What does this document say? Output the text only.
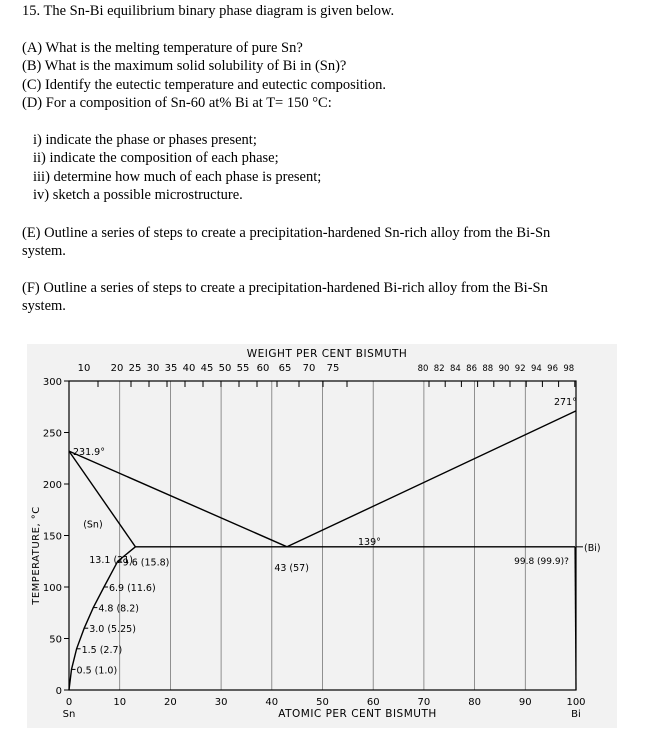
15. The Sn-Bi equilibrium binary phase diagram is given below.
(A) What is the melting temperature of pure Sn?
(B) What is the maximum solid solubility of Bi in (Sn)?
(C) Identify the eutectic temperature and eutectic composition.
(D) For a composition of Sn-60 at% Bi at T= 150 °C:
i) indicate the phase or phases present;
ii) indicate the composition of each phase;
iii) determine how much of each phase is present;
iv) sketch a possible microstructure.
(E) Outline a series of steps to create a precipitation-hardened Sn-rich alloy from the Bi-Sn
system.
(F) Outline a series of steps to create a precipitation-hardened Bi-rich alloy from the Bi-Sn
system.
0
50
100
150
200
250
300
0	10	20	30	40	50	60	70	80	90	100
Sn	Bi
ATOMIC PER CENT BISMUTH
TEMPERATURE, °C
WEIGHT PER CENT BISMUTH
10 20 25 30 35 40 45 50 55 60 65 70 75	80 82 84 86 88 90 92 94 96 98
231.9°
271°
(Sn)
(Bi)
139°
43 (57)
13.1 (21)	99.8 (99.9)?
9.6 (15.8)
6.9 (11.6)
4.8 (8.2)
3.0 (5.25)
1.5 (2.7)
0.5 (1.0)
